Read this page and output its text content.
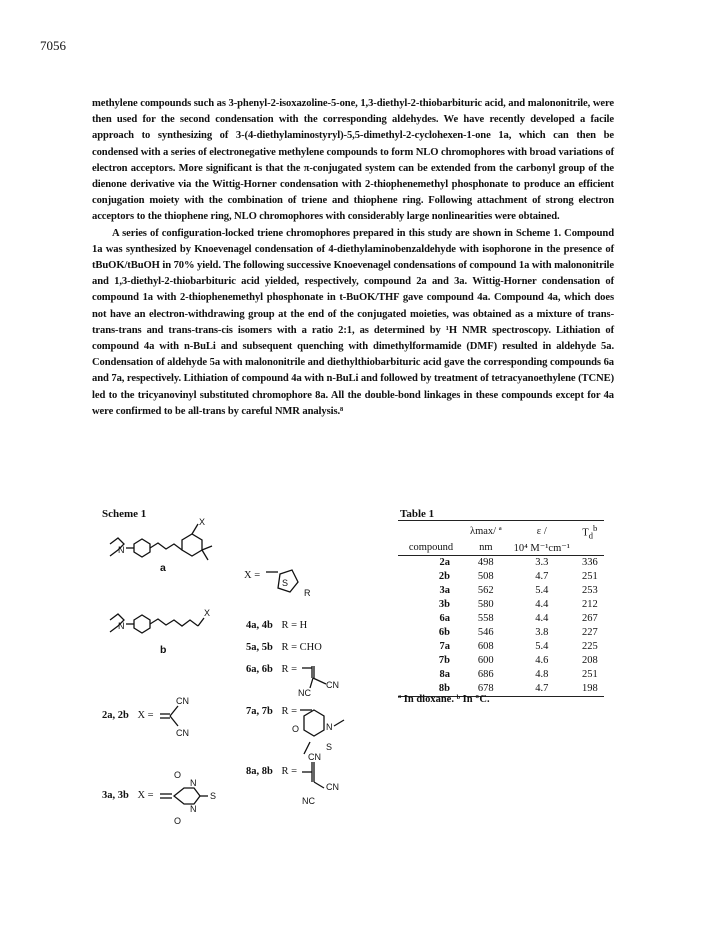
7056

methylene compounds such as 3-phenyl-2-isoxazoline-5-one, 1,3-diethyl-2-thiobarbituric acid, and malononitrile, were then used for the second condensation with the corresponding aldehydes. We have recently developed a facile approach to synthesizing of 3-(4-diethylaminostyryl)-5,5-dimethyl-2-cyclohexen-1-one 1a, which can then be condensed with a series of electronegative methylene compounds to form NLO chromophores with broad variations of electron acceptors. More significant is that the π-conjugated system can be extended from the carbonyl group of the dienone derivative via the Wittig-Horner condensation with 2-thiophenemethyl phosphonate to produce an efficient conjugation moiety with the combination of triene and thiophene ring. Following attachment of strong electron acceptors to the thiophene ring, NLO chromophores with considerably large nonlinearities were obtained.

A series of configuration-locked triene chromophores prepared in this study are shown in Scheme 1. Compound 1a was synthesized by Knoevenagel condensation of 4-diethylaminobenzaldehyde with isophorone in the presence of tBuOK/tBuOH in 70% yield. The following successive Knoevenagel condensations of compound 1a with malononitrile and 1,3-diethyl-2-thiobarbituric acid yielded, respectively, compound 2a and 3a. Wittig-Horner condensation of compound 1a with 2-thiophenemethyl phosphonate in t-BuOK/THF gave compound 4a. Compound 4a, which does not have an electron-withdrawing group at the end of the conjugated moieties, was obtained as a mixture of trans-trans-trans and trans-trans-cis isomers with a ratio 2:1, as determined by ¹H NMR spectroscopy. Lithiation of compound 4a with n-BuLi and subsequent quenching with dimethylformamide (DMF) resulted in aldehyde 5a. Condensation of aldehyde 5a with malononitrile and diethylthiobarbituric acid gave the corresponding compounds 6a and 7a, respectively. Lithiation of compound 4a with n-BuLi and followed by treatment of tetracyanoethylene (TCNE) led to the tricyanovinyl substituted chromophore 8a. All the double-bond linkages in these compounds except for 4a were confirmed to be all-trans by careful NMR analysis.⁸

Scheme 1
N
X
a
N
X
b
X =
S
R
4a, 4b R = H
5a, 5b R = CHO
6a, 6b R =
CN
NC
7a, 7b R =
O	N
S
8a, 8b R =
CN
CN
NC
2a, 2b X =
CN
CN
3a, 3b X =
O
O
N
N
S
Table 1
	λmax/ ª	ε /	$T_d^b$
compound	nm	10⁴ M⁻¹cm⁻¹	
2a	498	3.3	336
2b	508	4.7	251
3a	562	5.4	253
3b	580	4.4	212
6a	558	4.4	267
6b	546	3.8	227
7a	608	5.4	225
7b	600	4.6	208
8a	686	4.8	251
8b	678	4.7	198
ª In dioxane. ᵇ In °C.
